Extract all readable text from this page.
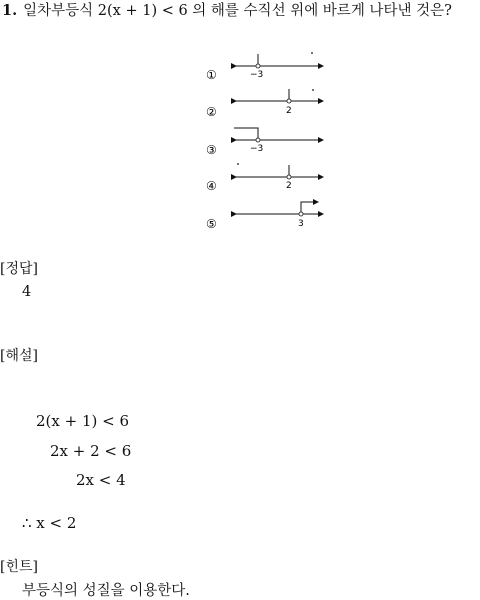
1. 일차부등식 2(x + 1) < 6 의 해를 수직선 위에 바르게 나타낸 것은?
①	−3
②	2
③	−3
④	2
⑤	3
[정답]
4
[해설]
2(x + 1) < 6
2x + 2 < 6
2x < 4
∴ x < 2
[힌트]
부등식의 성질을 이용한다.
